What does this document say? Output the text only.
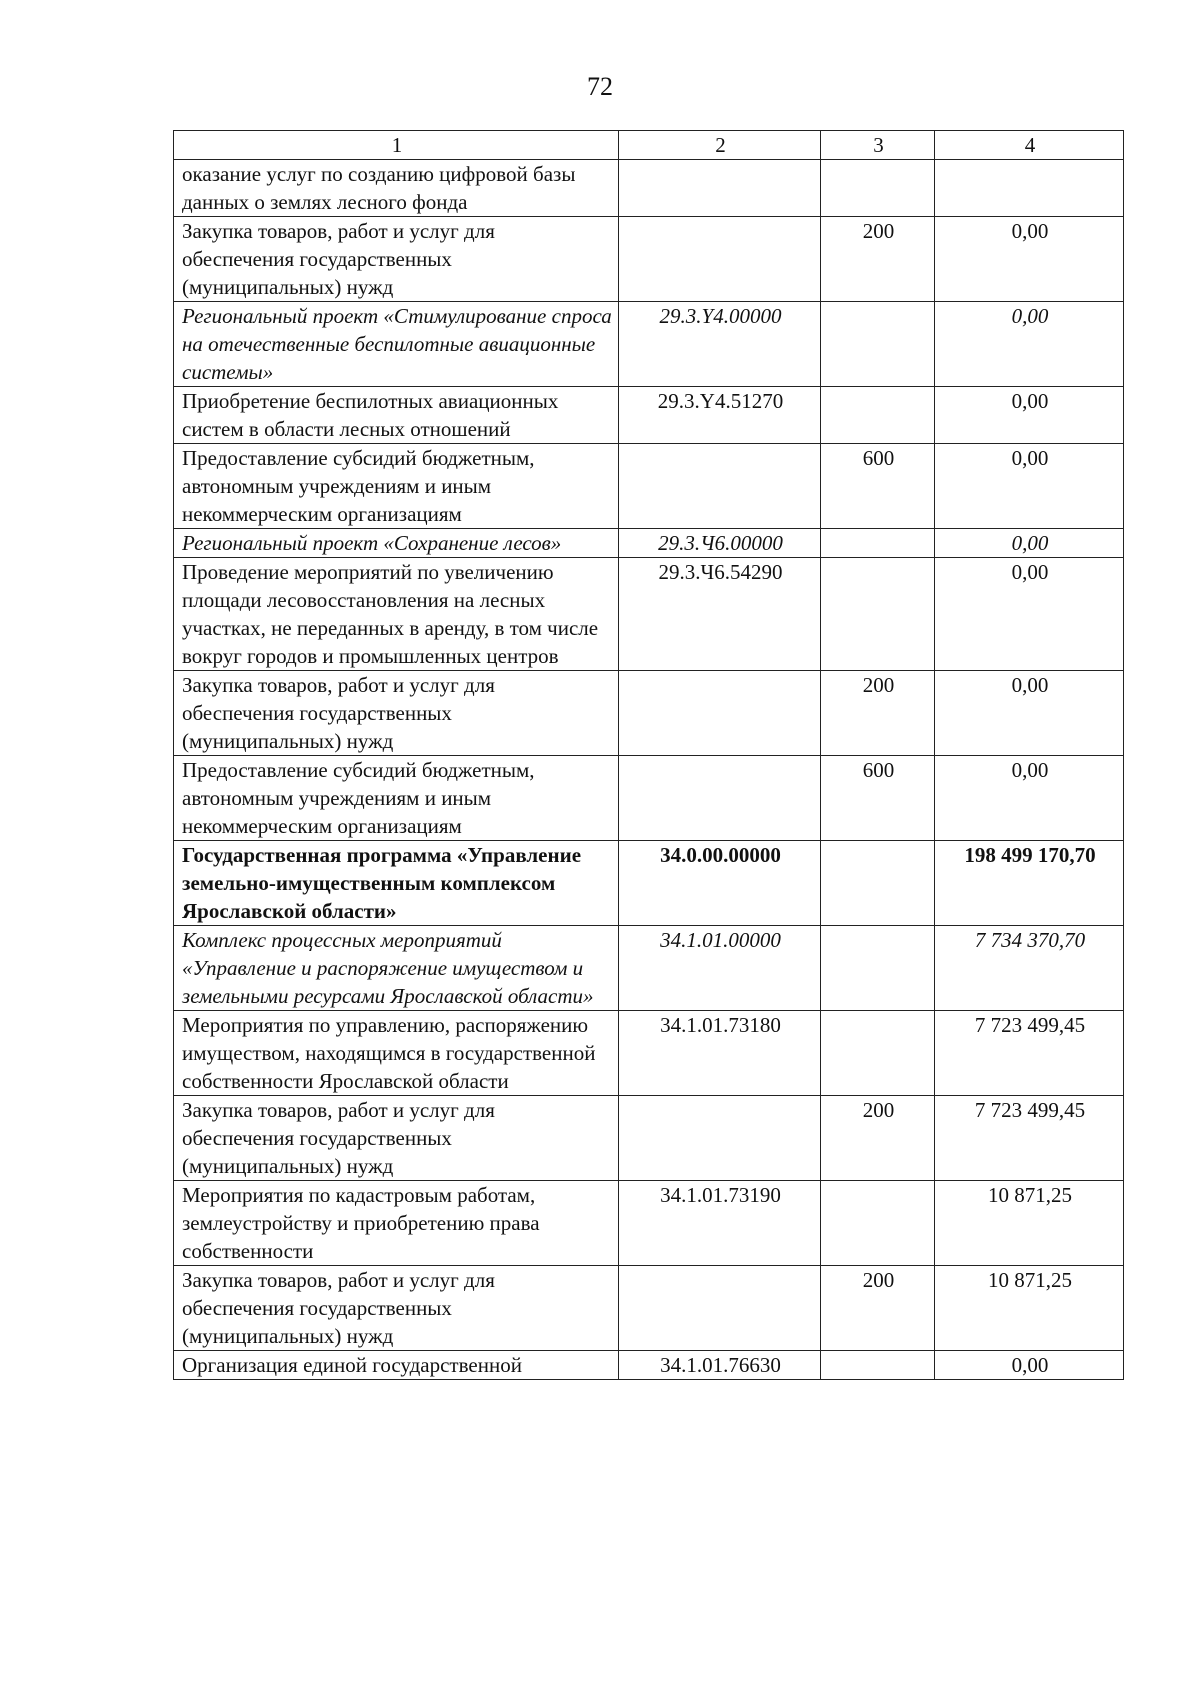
72
1	2	3	4
оказание услуг по созданию цифровой базы данных о землях лесного фонда			
Закупка товаров, работ и услуг для обеспечения государственных (муниципальных) нужд		200	0,00
Региональный проект «Стимулирование спроса на отечественные беспилотные авиационные системы»	29.3.Y4.00000		0,00
Приобретение беспилотных авиационных систем в области лесных отношений	29.3.Y4.51270		0,00
Предоставление субсидий бюджетным, автономным учреждениям и иным некоммерческим организациям		600	0,00
Региональный проект «Сохранение лесов»	29.3.Ч6.00000		0,00
Проведение мероприятий по увеличению площади лесовосстановления на лесных участках, не переданных в аренду, в том числе вокруг городов и промышленных центров	29.3.Ч6.54290		0,00
Закупка товаров, работ и услуг для обеспечения государственных (муниципальных) нужд		200	0,00
Предоставление субсидий бюджетным, автономным учреждениям и иным некоммерческим организациям		600	0,00
Государственная программа «Управление земельно-имущественным комплексом Ярославской области»	34.0.00.00000		198 499 170,70
Комплекс процессных мероприятий «Управление и распоряжение имуществом и земельными ресурсами Ярославской области»	34.1.01.00000		7 734 370,70
Мероприятия по управлению, распоряжению имуществом, находящимся в государственной собственности Ярославской области	34.1.01.73180		7 723 499,45
Закупка товаров, работ и услуг для обеспечения государственных (муниципальных) нужд		200	7 723 499,45
Мероприятия по кадастровым работам, землеустройству и приобретению права собственности	34.1.01.73190		10 871,25
Закупка товаров, работ и услуг для обеспечения государственных (муниципальных) нужд		200	10 871,25
Организация единой государственной	34.1.01.76630		0,00
